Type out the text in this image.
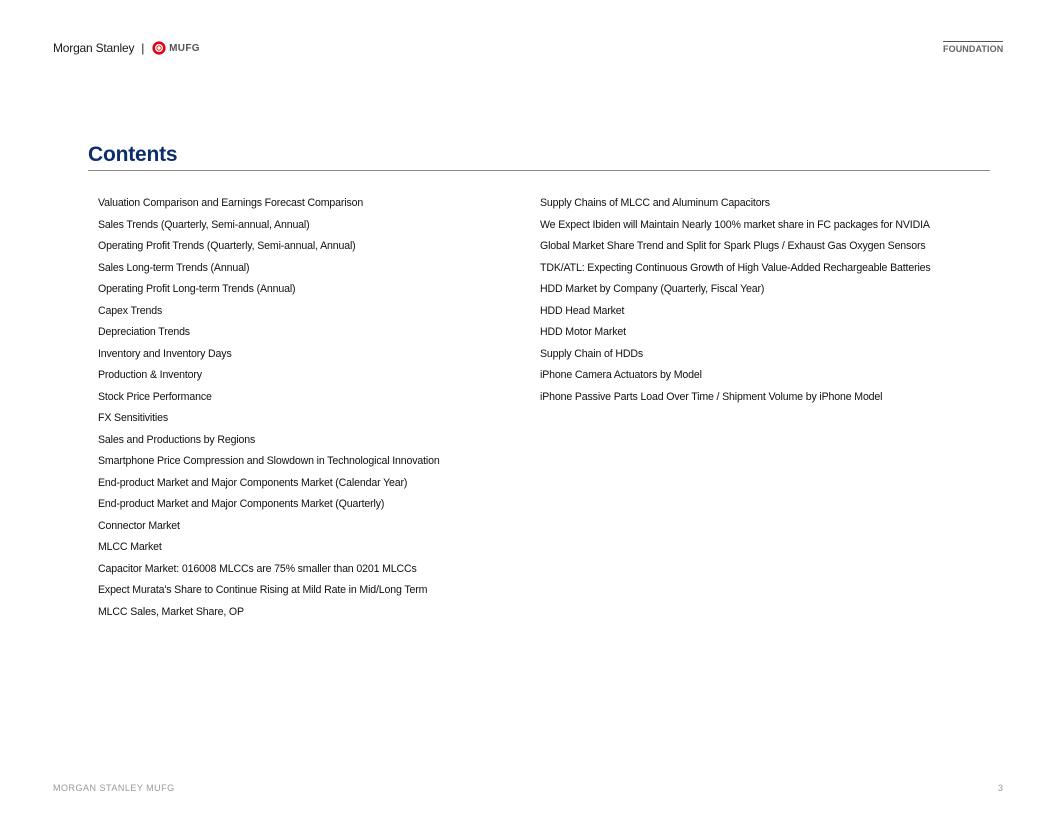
Morgan Stanley |	MUFG	FOUNDATION
Contents
Valuation Comparison and Earnings Forecast Comparison
Sales Trends (Quarterly, Semi-annual, Annual)
Operating Profit Trends (Quarterly, Semi-annual, Annual)
Sales Long-term Trends (Annual)
Operating Profit Long-term Trends (Annual)
Capex Trends
Depreciation Trends
Inventory and Inventory Days
Production & Inventory
Stock Price Performance
FX Sensitivities
Sales and Productions by Regions
Smartphone Price Compression and Slowdown in Technological Innovation
End-product Market and Major Components Market (Calendar Year)
End-product Market and Major Components Market (Quarterly)
Connector Market
MLCC Market
Capacitor Market: 016008 MLCCs are 75% smaller than 0201 MLCCs
Expect Murata's Share to Continue Rising at Mild Rate in Mid/Long Term
MLCC Sales, Market Share, OP
Supply Chains of MLCC and Aluminum Capacitors
We Expect Ibiden will Maintain Nearly 100% market share in FC packages for NVIDIA
Global Market Share Trend and Split for Spark Plugs / Exhaust Gas Oxygen Sensors
TDK/ATL: Expecting Continuous Growth of High Value-Added Rechargeable Batteries
HDD Market by Company (Quarterly, Fiscal Year)
HDD Head Market
HDD Motor Market
Supply Chain of HDDs
iPhone Camera Actuators by Model
iPhone Passive Parts Load Over Time / Shipment Volume by iPhone Model
MORGAN STANLEY MUFG	3
